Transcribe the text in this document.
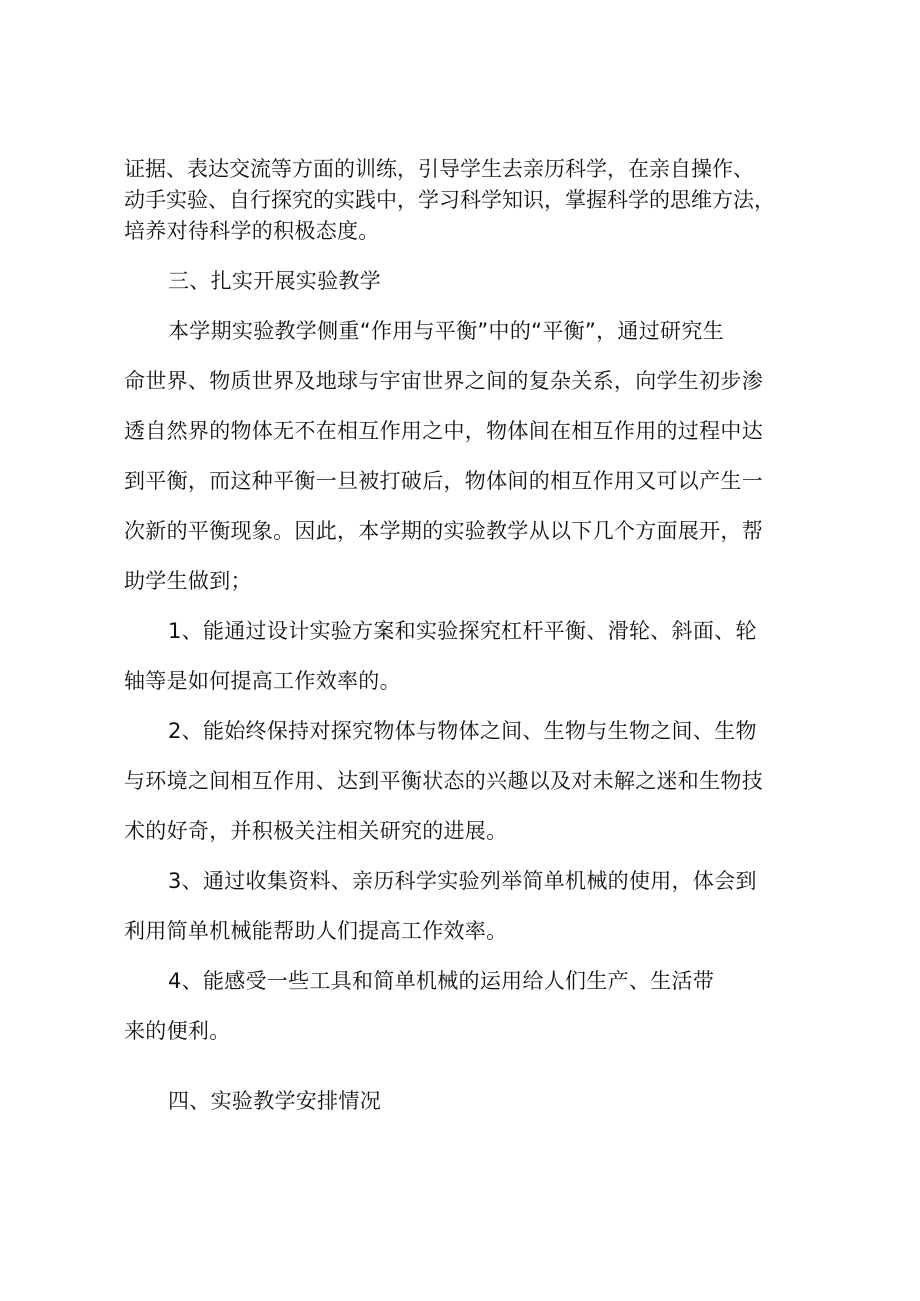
证据、表达交流等方面的训练，引导学生去亲历科学，在亲自操作、
动手实验、自行探究的实践中，学习科学知识，掌握科学的思维方法，
培养对待科学的积极态度。
三、扎实开展实验教学
本学期实验教学侧重“作用与平衡”中的“平衡”，通过研究生
命世界、物质世界及地球与宇宙世界之间的复杂关系，向学生初步渗
透自然界的物体无不在相互作用之中，物体间在相互作用的过程中达
到平衡，而这种平衡一旦被打破后，物体间的相互作用又可以产生一
次新的平衡现象。因此，本学期的实验教学从以下几个方面展开，帮
助学生做到；
1、能通过设计实验方案和实验探究杠杆平衡、滑轮、斜面、轮
轴等是如何提高工作效率的。
2、能始终保持对探究物体与物体之间、生物与生物之间、生物
与环境之间相互作用、达到平衡状态的兴趣以及对未解之迷和生物技
术的好奇，并积极关注相关研究的进展。
3、通过收集资料、亲历科学实验列举简单机械的使用，体会到
利用简单机械能帮助人们提高工作效率。
4、能感受一些工具和简单机械的运用给人们生产、生活带
来的便利。
四、实验教学安排情况
